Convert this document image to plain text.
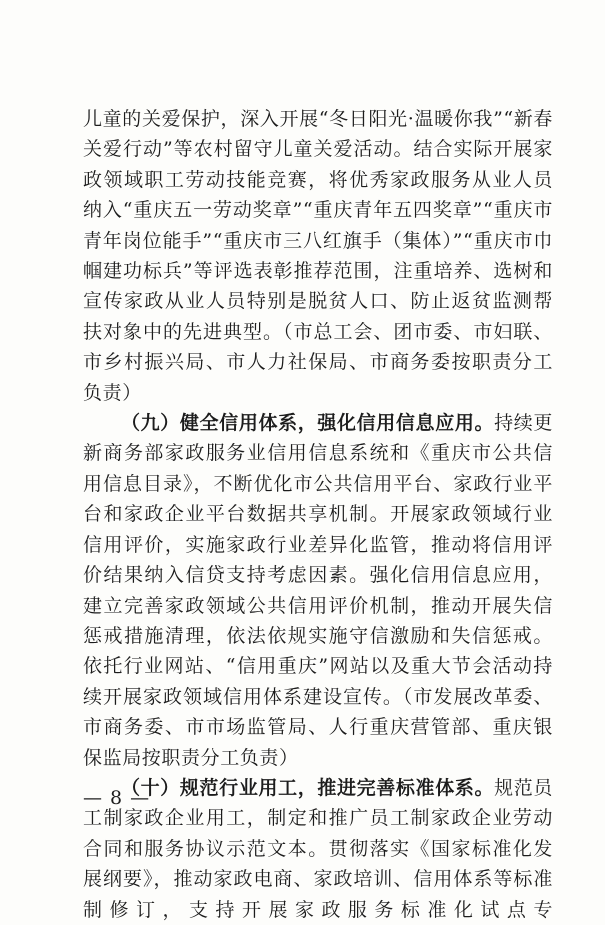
儿童的关爱保护，深入开展“冬日阳光·温暖你我”“新春关爱行动”等农村留守儿童关爱活动。结合实际开展家政领域职工劳动技能竞赛，将优秀家政服务从业人员纳入“重庆五一劳动奖章”“重庆青年五四奖章”“重庆市青年岗位能手”“重庆市三八红旗手（集体）”“重庆市巾帼建功标兵”等评选表彰推荐范围，注重培养、选树和宣传家政从业人员特别是脱贫人口、防止返贫监测帮扶对象中的先进典型。（市总工会、团市委、市妇联、市乡村振兴局、市人力社保局、市商务委按职责分工负责）

（九）健全信用体系，强化信用信息应用。持续更新商务部家政服务业信用信息系统和《重庆市公共信用信息目录》，不断优化市公共信用平台、家政行业平台和家政企业平台数据共享机制。开展家政领域行业信用评价，实施家政行业差异化监管，推动将信用评价结果纳入信贷支持考虑因素。强化信用信息应用，建立完善家政领域公共信用评价机制，推动开展失信惩戒措施清理，依法依规实施守信激励和失信惩戒。依托行业网站、“信用重庆”网站以及重大节会活动持续开展家政领域信用体系建设宣传。（市发展改革委、市商务委、市市场监管局、人行重庆营管部、重庆银保监局按职责分工负责）

（十）规范行业用工，推进完善标准体系。规范员工制家政企业用工，制定和推广员工制家政企业劳动合同和服务协议示范文本。贯彻落实《国家标准化发展纲要》，推动家政电商、家政培训、信用体系等标准制修订，支持开展家政服务标准化试点专

— 8 —
